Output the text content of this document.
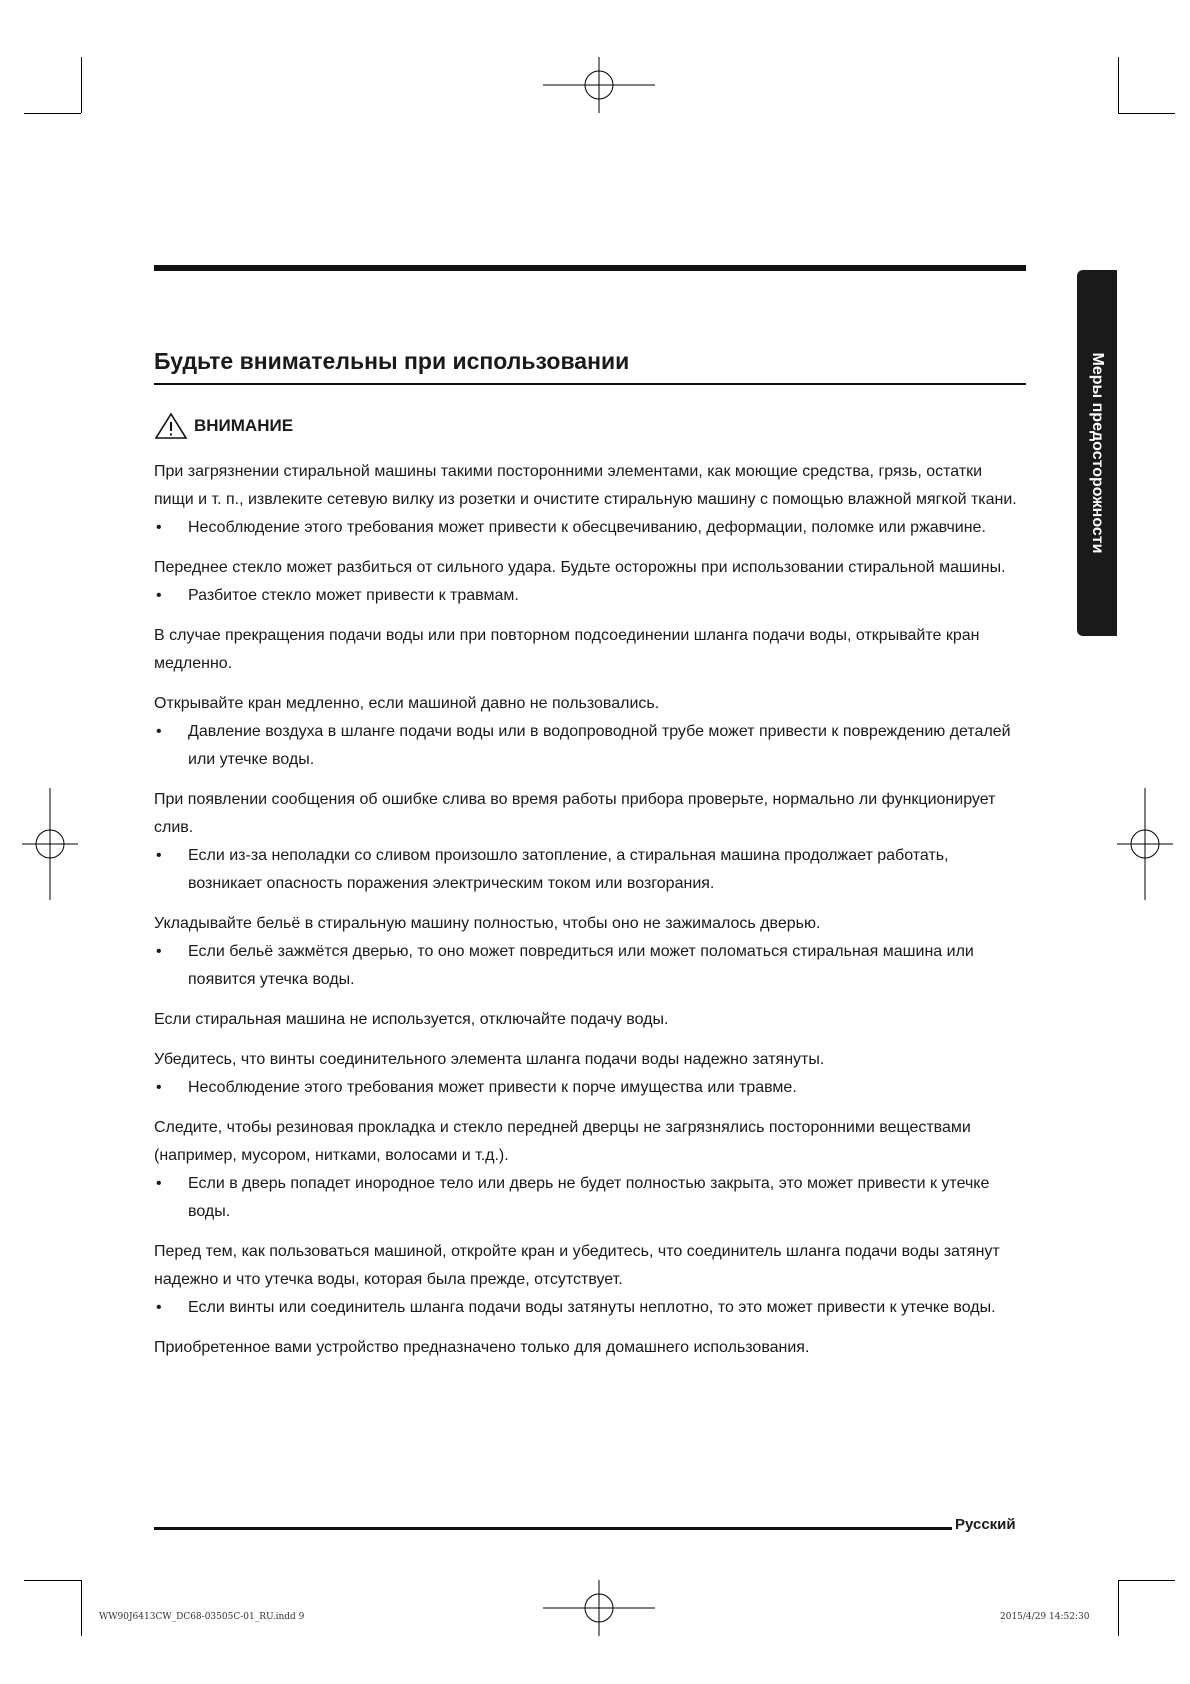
Меры предосторожности
Будьте внимательны при использовании
ВНИМАНИЕ

При загрязнении стиральной машины такими посторонними элементами, как моющие средства, грязь, остатки пищи и т. п., извлеките сетевую вилку из розетки и очистите стиральную машину с помощью влажной мягкой ткани.

• Несоблюдение этого требования может привести к обесцвечиванию, деформации, поломке или ржавчине.

Переднее стекло может разбиться от сильного удара. Будьте осторожны при использовании стиральной машины.

• Разбитое стекло может привести к травмам.

В случае прекращения подачи воды или при повторном подсоединении шланга подачи воды, открывайте кран медленно.

Открывайте кран медленно, если машиной давно не пользовались.

• Давление воздуха в шланге подачи воды или в водопроводной трубе может привести к повреждению деталей или утечке воды.

При появлении сообщения об ошибке слива во время работы прибора проверьте, нормально ли функционирует слив.

• Если из-за неполадки со сливом произошло затопление, а стиральная машина продолжает работать, возникает опасность поражения электрическим током или возгорания.

Укладывайте бельё в стиральную машину полностью, чтобы оно не зажималось дверью.

• Если бельё зажмётся дверью, то оно может повредиться или может поломаться стиральная машина или появится утечка воды.

Если стиральная машина не используется, отключайте подачу воды.

Убедитесь, что винты соединительного элемента шланга подачи воды надежно затянуты.

• Несоблюдение этого требования может привести к порче имущества или травме.

Следите, чтобы резиновая прокладка и стекло передней дверцы не загрязнялись посторонними веществами (например, мусором, нитками, волосами и т.д.).

• Если в дверь попадет инородное тело или дверь не будет полностью закрыта, это может привести к утечке воды.

Перед тем, как пользоваться машиной, откройте кран и убедитесь, что соединитель шланга подачи воды затянут надежно и что утечка воды, которая была прежде, отсутствует.

• Если винты или соединитель шланга подачи воды затянуты неплотно, то это может привести к утечке воды.

Приобретенное вами устройство предназначено только для домашнего использования.

Русский
WW90J6413CW_DC68-03505C-01_RU.indd 9	2015/4/29 14:52:30
